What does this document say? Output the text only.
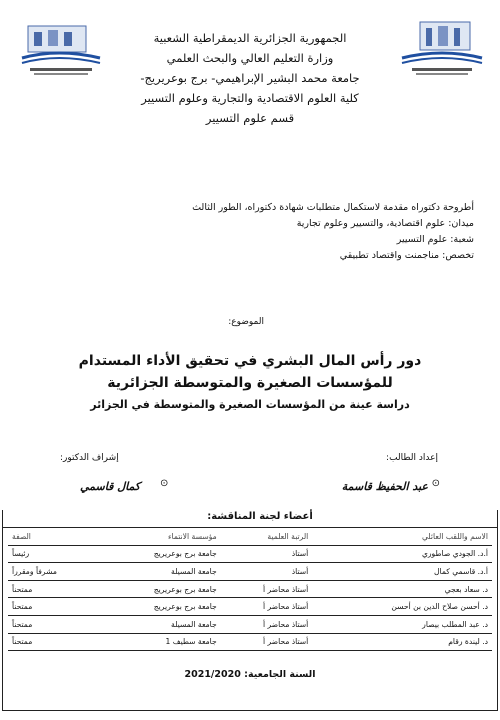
الجمهورية الجزائرية الديمقراطية الشعبية
وزارة التعليم العالي والبحث العلمي
جامعة محمد البشير الإبراهيمي- برج بوعريريج-
كلية العلوم الاقتصادية والتجارية وعلوم التسيير
قسم علوم التسيير
أطروحة دكتوراه مقدمة لاستكمال متطلبات شهادة دكتوراه، الطور الثالث
ميدان: علوم اقتصادية، والتسيير وعلوم تجارية
شعبة: علوم التسيير
تخصص: مناجمنت واقتصاد تطبيقي
الموضوع:
دور رأس المال البشري في تحقيق الأداء المستدام للمؤسسات الصغيرة والمتوسطة الجزائرية
دراسة عينة من المؤسسات الصغيرة والمتوسطة في الجزائر
إعداد الطالب:
إشراف الدكتور:
⊙
عبد الحفيظ قاسمة
⊙
كمال قاسمي
أعضاء لجنة المناقشة:
الاسم واللقب العائلي	الرتبة العلمية	مؤسسة الانتماء	الصفة
أ.د. الجودي صاطوري	أستاذ	جامعة برج بوعريريج	رئيساً
أ.د. قاسمي كمال	أستاذ	جامعة المسيلة	مشرفاً ومقرراً
د. سعاد بعجي	أستاذ محاضر أ	جامعة برج بوعريريج	ممتحناً
د. أحسن صلاح الدين بن أحسن	أستاذ محاضر أ	جامعة برج بوعريريج	ممتحناً
د. عبد المطلب بيصار	أستاذ محاضر أ	جامعة المسيلة	ممتحناً
د. ليندة رقام	أستاذ محاضر أ	جامعة سطيف 1	ممتحناً
السنة الجامعية: 2021/2020
